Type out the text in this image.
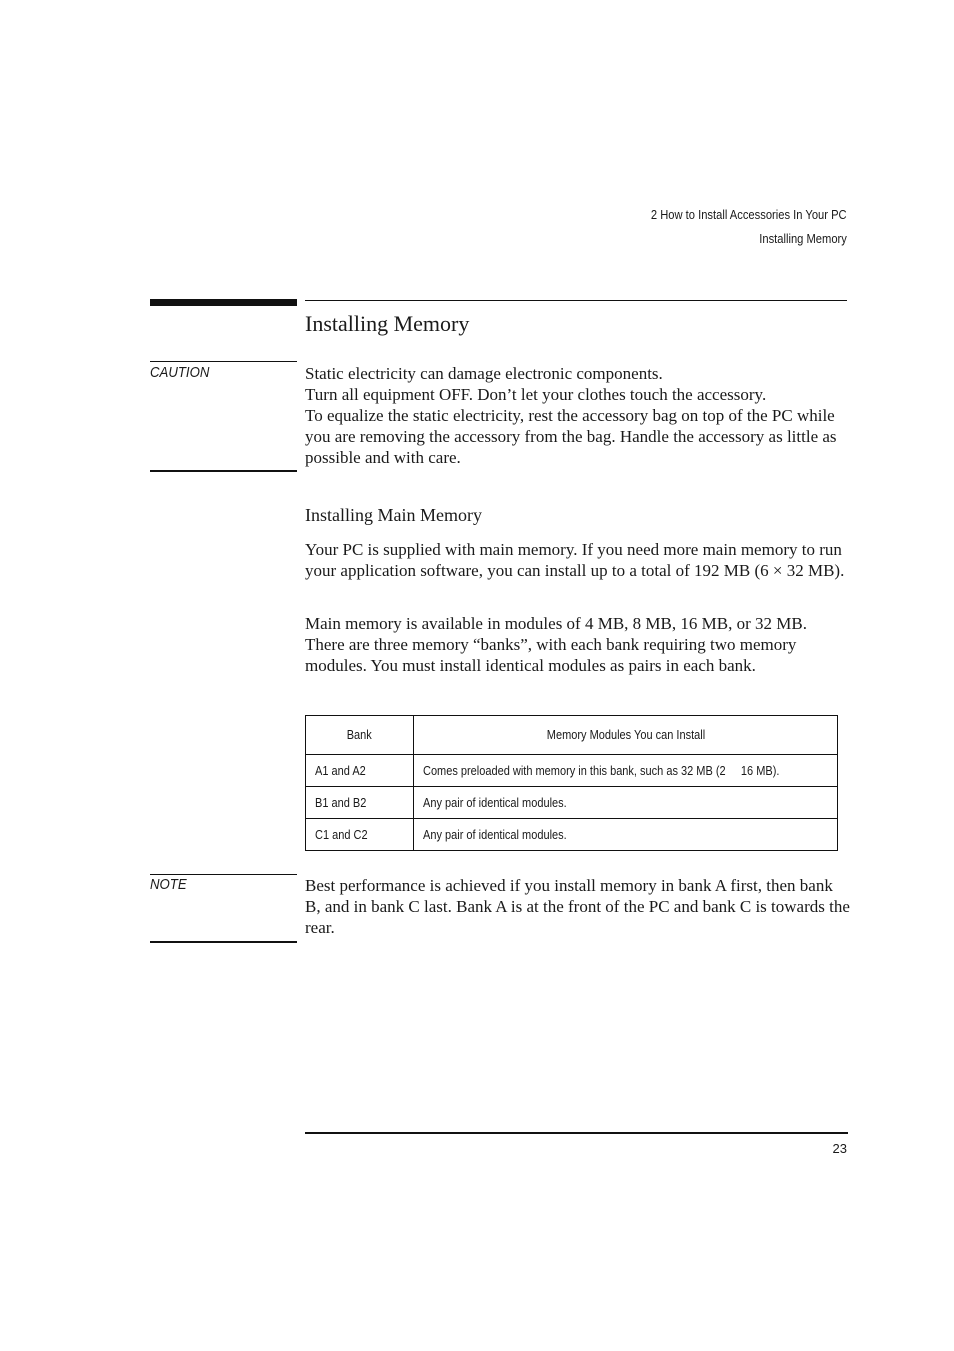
2 How to Install Accessories In Your PC
Installing Memory
Installing Memory
CAUTION	Static electricity can damage electronic components.

Turn all equipment OFF. Don’t let your clothes touch the accessory.

To equalize the static electricity, rest the accessory bag on top of the PC while you are removing the accessory from the bag. Handle the accessory as little as possible and with care.

Installing Main Memory
Your PC is supplied with main memory. If you need more main memory to run your application software, you can install up to a total of 192 MB (6 × 32 MB).
Main memory is available in modules of 4 MB, 8 MB, 16 MB, or 32 MB. There are three memory “banks”, with each bank requiring two memory modules. You must install identical modules as pairs in each bank.
Bank	Memory Modules You can Install
A1 and A2	Comes preloaded with memory in this bank, such as 32 MB (2     16 MB).
B1 and B2	Any pair of identical modules.
C1 and C2	Any pair of identical modules.
NOTE	Best performance is achieved if you install memory in bank A first, then bank B, and in bank C last. Bank A is at the front of the PC and bank C is towards the rear.
23
